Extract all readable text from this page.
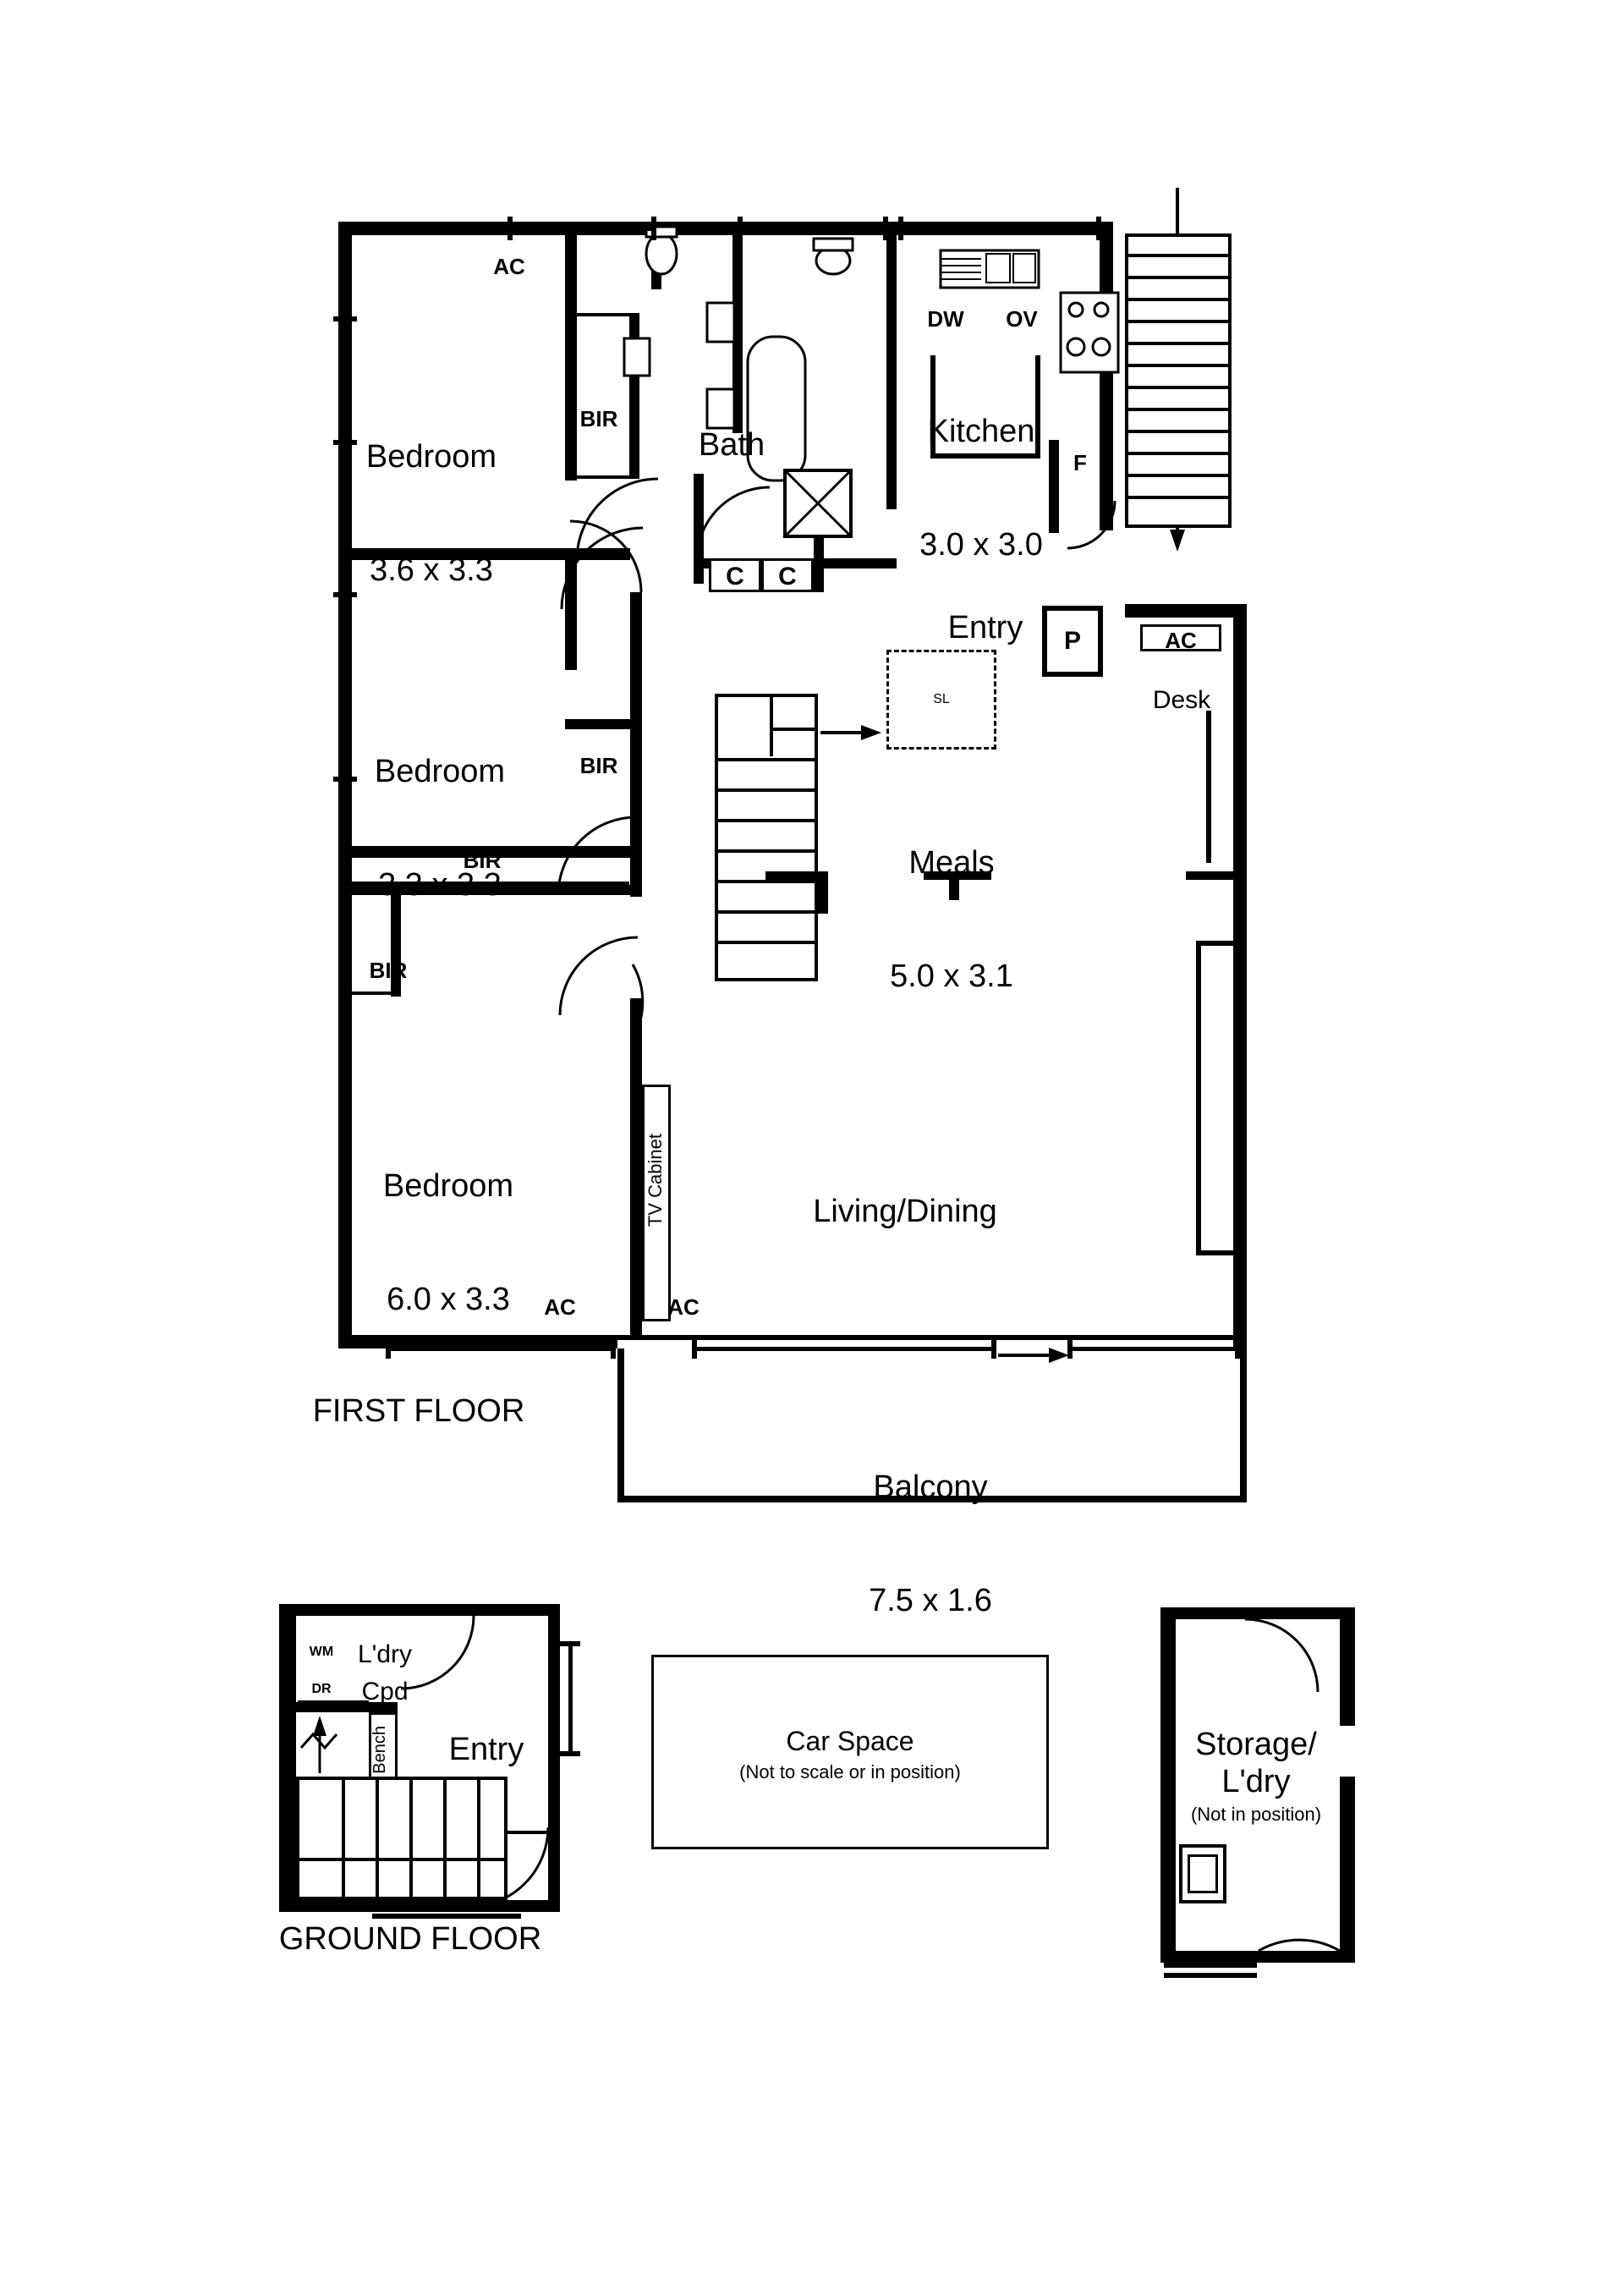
C	C
P	AC
Desk
SL

Bedroom

3.6 x 3.3

Bedroom

3.3 x 3.3

Bedroom

6.0 x 3.3

Bath

	Kitchen

3.0 x 3.0

Meals

5.0 x 3.1

Living/Dining

Balcony

7.5 x 1.6

Entry

FIRST FLOOR
AC
BIR
BIR
BIR
BIR
AC	AC
DW	OV
F
TV Cabinet
Bench
WM
DR
L'dry
Cpd
Entry
GROUND FLOOR
Car Space
(Not to scale or in position)
Storage/
L'dry
(Not in position)
